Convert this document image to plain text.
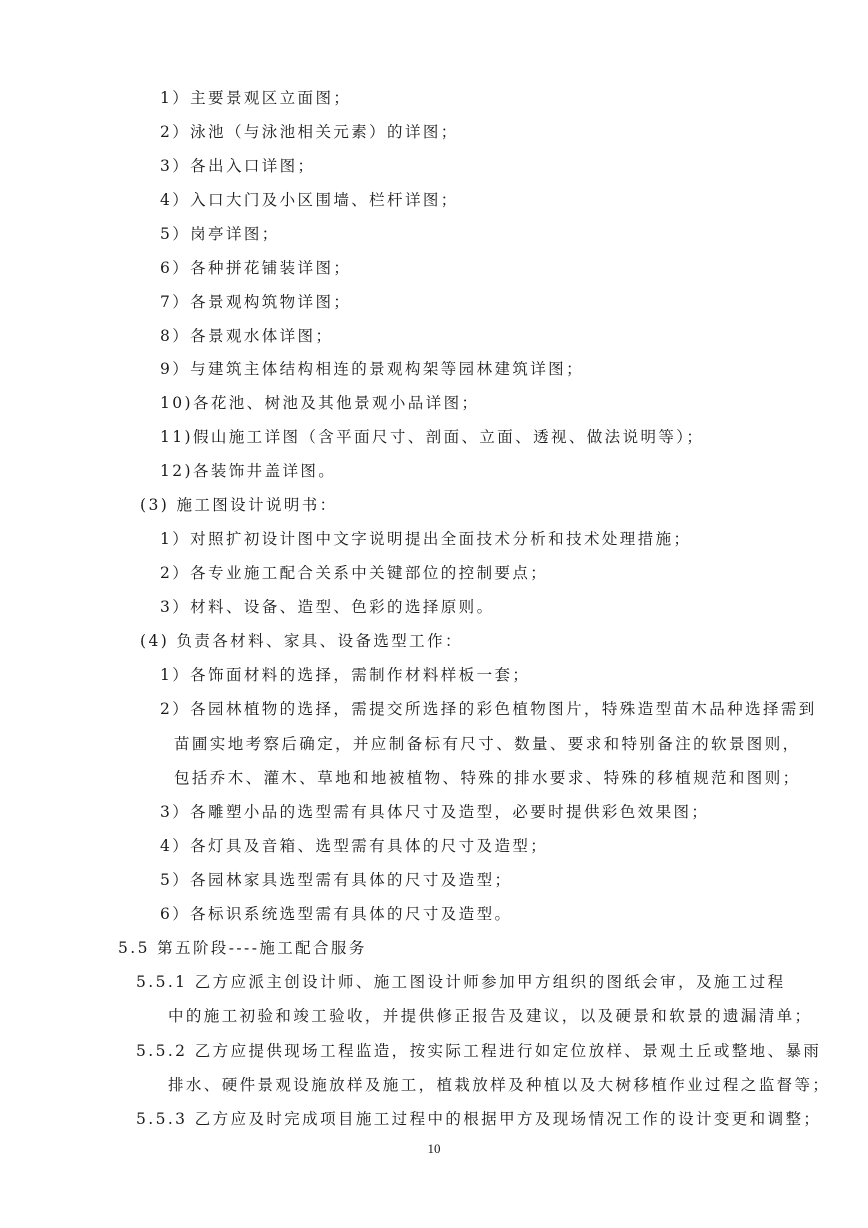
1）主要景观区立面图；
2）泳池（与泳池相关元素）的详图；
3）各出入口详图；
4）入口大门及小区围墙、栏杆详图；
5）岗亭详图；
6）各种拼花铺装详图；
7）各景观构筑物详图；
8）各景观水体详图；
9）与建筑主体结构相连的景观构架等园林建筑详图；
10)各花池、树池及其他景观小品详图；
11)假山施工详图（含平面尺寸、剖面、立面、透视、做法说明等）；
12)各装饰井盖详图。
(3) 施工图设计说明书：
1）对照扩初设计图中文字说明提出全面技术分析和技术处理措施；
2）各专业施工配合关系中关键部位的控制要点；
3）材料、设备、造型、色彩的选择原则。
(4) 负责各材料、家具、设备选型工作：
1）各饰面材料的选择，需制作材料样板一套；
2）各园林植物的选择，需提交所选择的彩色植物图片，特殊造型苗木品种选择需到
苗圃实地考察后确定，并应制备标有尺寸、数量、要求和特别备注的软景图则，
包括乔木、灌木、草地和地被植物、特殊的排水要求、特殊的移植规范和图则；
3）各雕塑小品的选型需有具体尺寸及造型，必要时提供彩色效果图；
4）各灯具及音箱、选型需有具体的尺寸及造型；
5）各园林家具选型需有具体的尺寸及造型；
6）各标识系统选型需有具体的尺寸及造型。
5.5 第五阶段----施工配合服务
5.5.1 乙方应派主创设计师、施工图设计师参加甲方组织的图纸会审，及施工过程
中的施工初验和竣工验收，并提供修正报告及建议，以及硬景和软景的遗漏清单；
5.5.2 乙方应提供现场工程监造，按实际工程进行如定位放样、景观土丘或整地、暴雨
排水、硬件景观设施放样及施工，植栽放样及种植以及大树移植作业过程之监督等；
5.5.3 乙方应及时完成项目施工过程中的根据甲方及现场情况工作的设计变更和调整；
10
